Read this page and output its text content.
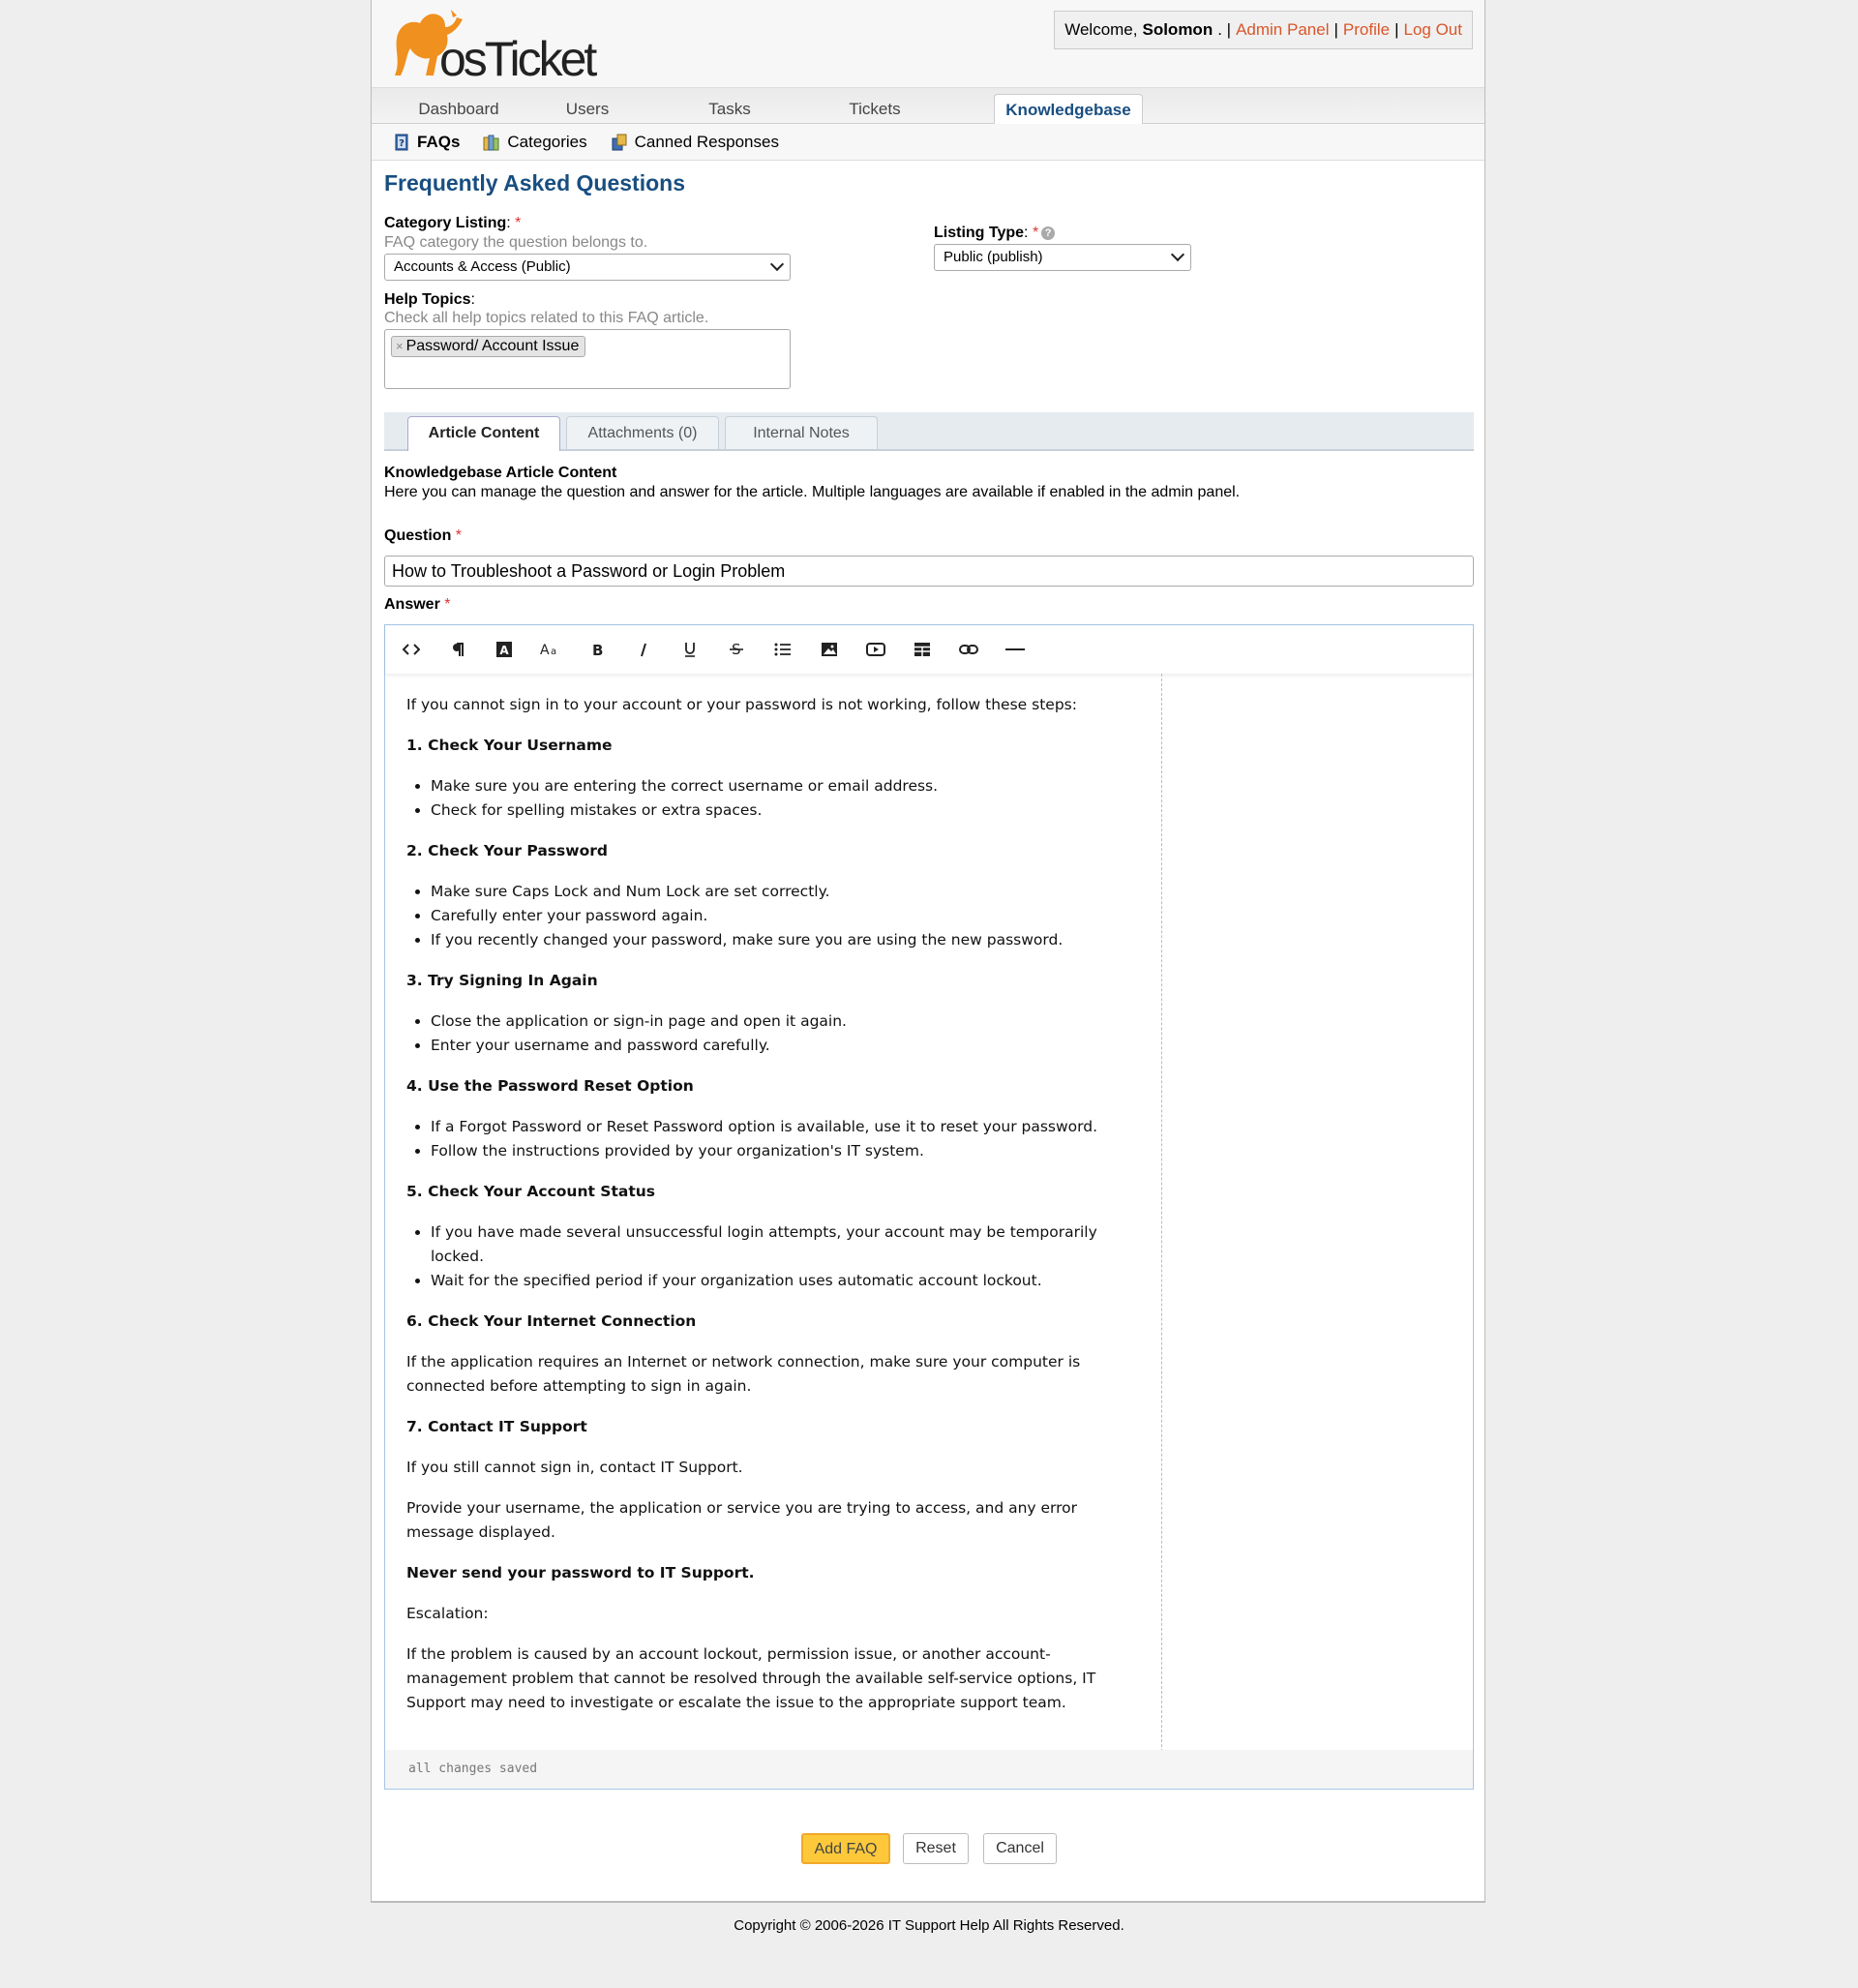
osTicket
Welcome, Solomon . | Admin Panel | Profile | Log Out
Dashboard	Users	Tasks	Tickets	Knowledgebase
? FAQs	Categories	Canned Responses
Frequently Asked Questions
Category Listing: *
FAQ category the question belongs to.
Accounts & Access (Public)
Listing Type: * ?
Public (publish)
Help Topics:
Check all help topics related to this FAQ article.
× Password/ Account Issue
Article Content	Attachments (0)	Internal Notes
Knowledgebase Article Content
Here you can manage the question and answer for the article. Multiple languages are available if enabled in the admin panel.
Question *
How to Troubleshoot a Password or Login Problem
Answer *
A A a B	S

If you cannot sign in to your account or your password is not working, follow these steps:

1. Check Your Username

• Make sure you are entering the correct username or email address.
• Check for spelling mistakes or extra spaces.

2. Check Your Password

• Make sure Caps Lock and Num Lock are set correctly.
• Carefully enter your password again.
• If you recently changed your password, make sure you are using the new password.

3. Try Signing In Again

• Close the application or sign-in page and open it again.
• Enter your username and password carefully.

4. Use the Password Reset Option

• If a Forgot Password or Reset Password option is available, use it to reset your password.
• Follow the instructions provided by your organization's IT system.

5. Check Your Account Status

• If you have made several unsuccessful login attempts, your account may be temporarily locked.
• Wait for the specified period if your organization uses automatic account lockout.

6. Check Your Internet Connection

If the application requires an Internet or network connection, make sure your computer is connected before attempting to sign in again.

7. Contact IT Support

If you still cannot sign in, contact IT Support.

Provide your username, the application or service you are trying to access, and any error message displayed.

Never send your password to IT Support.

Escalation:

If the problem is caused by an account lockout, permission issue, or another account-management problem that cannot be resolved through the available self-service options, IT Support may need to investigate or escalate the issue to the appropriate support team.

all changes saved
Add FAQ	Reset	Cancel
Copyright © 2006-2026 IT Support Help All Rights Reserved.
